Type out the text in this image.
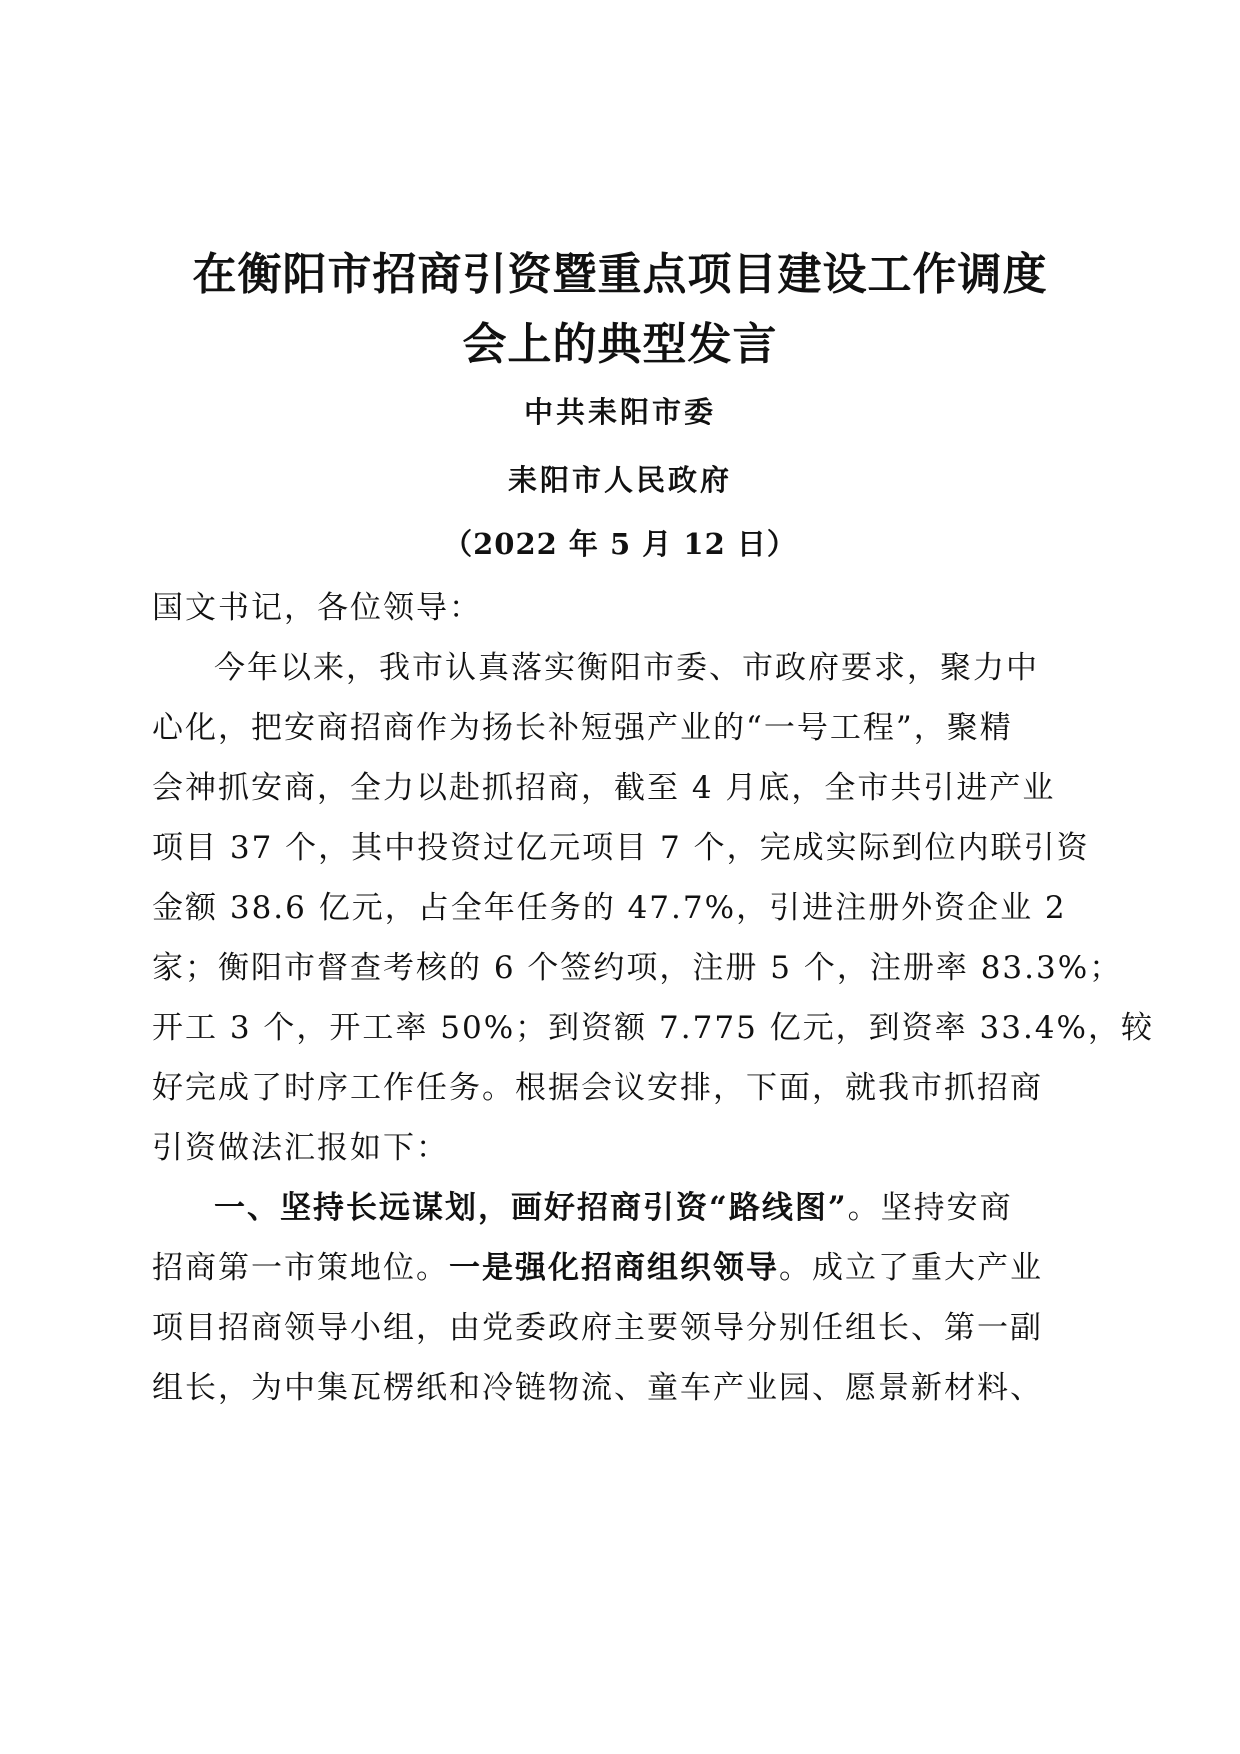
在衡阳市招商引资暨重点项目建设工作调度
会上的典型发言
中共耒阳市委
耒阳市人民政府
（2022 年 5 月 12 日）
国文书记，各位领导：
今年以来，我市认真落实衡阳市委、市政府要求，聚力中
心化，把安商招商作为扬长补短强产业的“一号工程”，聚精
会神抓安商，全力以赴抓招商，截至 4 月底，全市共引进产业
项目 37 个，其中投资过亿元项目 7 个，完成实际到位内联引资
金额 38.6 亿元，占全年任务的 47.7%，引进注册外资企业 2
家；衡阳市督查考核的 6 个签约项，注册 5 个，注册率 83.3%；
开工 3 个，开工率 50%；到资额 7.775 亿元，到资率 33.4%，较
好完成了时序工作任务。根据会议安排，下面，就我市抓招商
引资做法汇报如下：
一、坚持长远谋划，画好招商引资“路线图”。坚持安商
招商第一市策地位。一是强化招商组织领导。成立了重大产业
项目招商领导小组，由党委政府主要领导分别任组长、第一副
组长，为中集瓦楞纸和冷链物流、童车产业园、愿景新材料、
